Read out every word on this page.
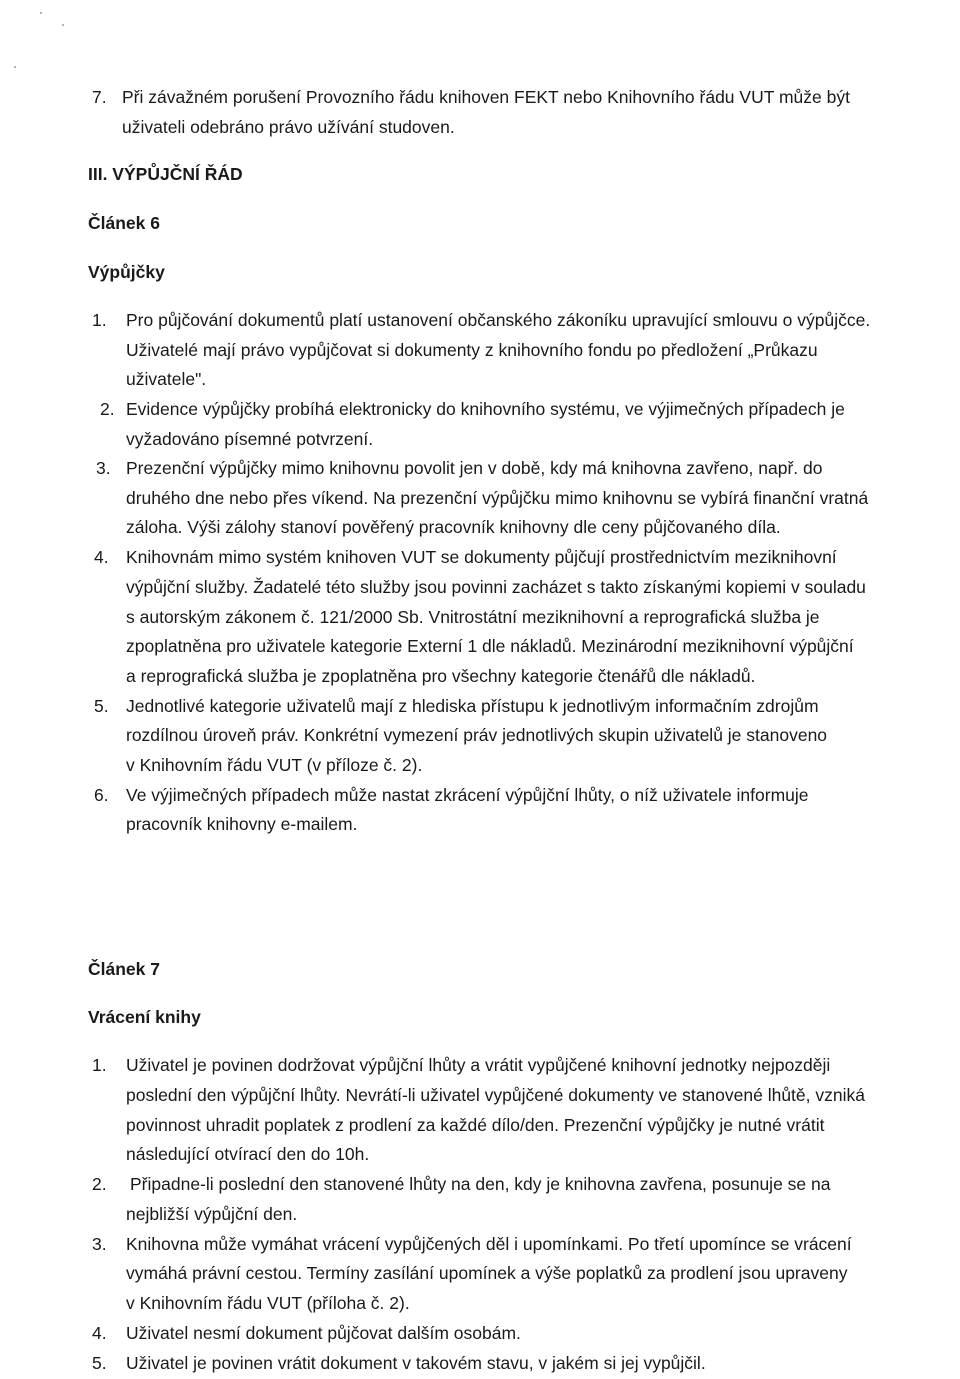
7. Při závažném porušení Provozního řádu knihoven FEKT nebo Knihovního řádu VUT může být
uživateli odebráno právo užívání studoven.
III. VÝPŮJČNÍ ŘÁD
Článek 6
Výpůjčky
1. Pro půjčování dokumentů platí ustanovení občanského zákoníku upravující smlouvu o výpůjčce.
Uživatelé mají právo vypůjčovat si dokumenty z knihovního fondu po předložení „Průkazu
uživatele".
2. Evidence výpůjčky probíhá elektronicky do knihovního systému, ve výjimečných případech je
vyžadováno písemné potvrzení.
3. Prezenční výpůjčky mimo knihovnu povolit jen v době, kdy má knihovna zavřeno, např. do
druhého dne nebo přes víkend. Na prezenční výpůjčku mimo knihovnu se vybírá finanční vratná
záloha. Výši zálohy stanoví pověřený pracovník knihovny dle ceny půjčovaného díla.
4. Knihovnám mimo systém knihoven VUT se dokumenty půjčují prostřednictvím meziknihovní
výpůjční služby. Žadatelé této služby jsou povinni zacházet s takto získanými kopiemi v souladu
s autorským zákonem č. 121/2000 Sb. Vnitrostátní meziknihovní a reprografická služba je
zpoplatněna pro uživatele kategorie Externí 1 dle nákladů. Mezinárodní meziknihovní výpůjční
a reprografická služba je zpoplatněna pro všechny kategorie čtenářů dle nákladů.
5. Jednotlivé kategorie uživatelů mají z hlediska přístupu k jednotlivým informačním zdrojům
rozdílnou úroveň práv. Konkrétní vymezení práv jednotlivých skupin uživatelů je stanoveno
v Knihovním řádu VUT (v příloze č. 2).
6. Ve výjimečných případech může nastat zkrácení výpůjční lhůty, o níž uživatele informuje
pracovník knihovny e-mailem.
Článek 7
Vrácení knihy
1. Uživatel je povinen dodržovat výpůjční lhůty a vrátit vypůjčené knihovní jednotky nejpozději
poslední den výpůjční lhůty. Nevrátí-li uživatel vypůjčené dokumenty ve stanovené lhůtě, vzniká
povinnost uhradit poplatek z prodlení za každé dílo/den. Prezenční výpůjčky je nutné vrátit
následující otvírací den do 10h.
2. Připadne-li poslední den stanovené lhůty na den, kdy je knihovna zavřena, posunuje se na
nejbližší výpůjční den.
3. Knihovna může vymáhat vrácení vypůjčených děl i upomínkami. Po třetí upomínce se vrácení
vymáhá právní cestou. Termíny zasílání upomínek a výše poplatků za prodlení jsou upraveny
v Knihovním řádu VUT (příloha č. 2).
4. Uživatel nesmí dokument půjčovat dalším osobám.
5. Uživatel je povinen vrátit dokument v takovém stavu, v jakém si jej vypůjčil.
